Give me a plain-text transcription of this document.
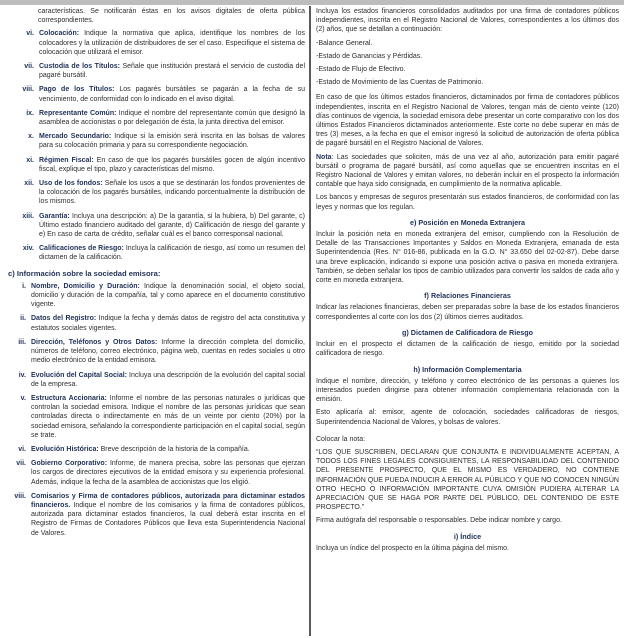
características. Se notificarán éstas en los avisos digitales de oferta pública correspondientes.

vi. Colocación: Indique la normativa que aplica, identifique los nombres de los colocadores y la utilización de distribuidores de ser el caso. Especifique el sistema de colocación que utilizará el emisor.
vii. Custodia de los Títulos: Señale que institución prestará el servicio de custodia del pagaré bursátil.
viii. Pago de los Títulos: Los pagarés bursátiles se pagarán a la fecha de su vencimiento, de conformidad con lo indicado en el aviso digital.
ix. Representante Común: Indique el nombre del representante común que designó la asamblea de accionistas o por delegación de ésta, la junta directiva del emisor.
x. Mercado Secundario: Indique si la emisión será inscrita en las bolsas de valores para su colocación primaria y para su correspondiente negociación.
xi. Régimen Fiscal: En caso de que los pagarés bursátiles gocen de algún incentivo fiscal, explique el tipo, plazo y características del mismo.
xii. Uso de los fondos: Señale los usos a que se destinarán los fondos provenientes de la colocación de los pagarés bursátiles, indicando porcentualmente la distribución de los mismos.
xiii. Garantía: Incluya una descripción: a) De la garantía, si la hubiera, b) Del garante, c) Último estado financiero auditado del garante, d) Calificación de riesgo del garante y e) En caso de carta de crédito, señalar cuál es el banco corresponsal nacional.
xiv. Calificaciones de Riesgo: Incluya la calificación de riesgo, así como un resumen del dictamen de la calificación.
c) Información sobre la sociedad emisora:
i. Nombre, Domicilio y Duración: Indique la denominación social, el objeto social, domicilio y duración de la compañía, tal y como aparece en el documento constitutivo vigente.
ii. Datos del Registro: Indique la fecha y demás datos de registro del acta constitutiva y estatutos sociales vigentes.
iii. Dirección, Teléfonos y Otros Datos: Informe la dirección completa del domicilio, números de teléfono, correo electrónico, página web, cuentas en redes sociales u otro medio electrónico de la entidad emisora.
iv. Evolución del Capital Social: Incluya una descripción de la evolución del capital social de la empresa.
v. Estructura Accionaria: Informe el nombre de las personas naturales o jurídicas que controlan la sociedad emisora. Indique el nombre de las personas jurídicas que sean controladas directa o indirectamente en más de un veinte por ciento (20%) por la sociedad emisora, señalando la correspondiente participación en el capital social, según se trate.
vi. Evolución Histórica: Breve descripción de la historia de la compañía.
vii. Gobierno Corporativo: Informe, de manera precisa, sobre las personas que ejerzan los cargos de directores ejecutivos de la entidad emisora y su experiencia profesional. Además, indique la fecha de la asamblea de accionistas que los eligió.
viii. Comisarios y Firma de contadores públicos, autorizada para dictaminar estados financieros. Indique el nombre de los comisarios y la firma de contadores públicos, autorizada para dictaminar estados financieros, la cual deberá estar inscrita en el Registro de Firmas de Contadores Públicos que lleva esta Superintendencia Nacional de Valores.

Incluya los estados financieros consolidados auditados por una firma de contadores públicos independientes, inscrita en el Registro Nacional de Valores, correspondientes a los últimos dos (2) años, que se detallan a continuación:

-Balance General.
-Estado de Ganancias y Pérdidas.
-Estado de Flujo de Efectivo.
-Estado de Movimiento de las Cuentas de Patrimonio.

En caso de que los últimos estados financieros, dictaminados por firma de contadores públicos independientes, inscrita en el Registro Nacional de Valores, tengan más de ciento veinte (120) días continuos de vigencia, la sociedad emisora debe presentar un corte comparativo con los dos últimos Estados Financieros dictaminados anteriormente. Este corte no debe superar en más de tres (3) meses, a la fecha en que el emisor ingresó la solicitud de autorización de oferta pública de pagaré bursátil en el Registro Nacional de Valores.

Nota: Las sociedades que soliciten, más de una vez al año, autorización para emitir pagaré bursátil o programa de pagaré bursátil, así como aquellas que se encuentren inscritas en el Registro Nacional de Valores y emitan valores, no deberán incluir en el prospecto la información contable que haya sido consignada, en cumplimiento de la normativa aplicable.

Los bancos y empresas de seguros presentarán sus estados financieros, de conformidad con las leyes y normas que los regulan.

e) Posición en Moneda Extranjera

Incluir la posición neta en moneda extranjera del emisor, cumpliendo con la Resolución de Detalle de las Transacciones Importantes y Saldos en Moneda Extranjera, emanada de esta Superintendencia (Res. N° 016-86, publicada en la G.O. N° 33.650 del 02-02-87). Debe darse una breve explicación, indicando si expone una posición activa o pasiva en moneda extranjera. También, se deben señalar los tipos de cambio utilizados para convertir los saldos de cada año y corte en moneda extranjera.

f) Relaciones Financieras

Indicar las relaciones financieras, deben ser preparadas sobre la base de los estados financieros correspondientes al corte con los dos (2) últimos cierres auditados.

g) Dictamen de Calificadora de Riesgo

Incluir en el prospecto el dictamen de la calificación de riesgo, emitido por la sociedad calificadora de riesgo.

h) Información Complementaria

Indique el nombre, dirección, y teléfono y correo electrónico de las personas a quienes los interesados pueden dirigirse para obtener información complementaria relacionada con la emisión.

Esto aplicaría al: emisor, agente de colocación, sociedades calificadoras de riesgos, Superintendencia Nacional de Valores, y bolsas de valores.

Colocar la nota:

“LOS QUE SUSCRIBEN, DECLARAN QUE CONJUNTA E INDIVIDUALMENTE ACEPTAN, A TODOS LOS FINES LEGALES CONSIGUIENTES, LA RESPONSABILIDAD DEL CONTENIDO DEL PRESENTE PROSPECTO, QUE EL MISMO ES VERDADERO, NO CONTIENE INFORMACIÓN QUE PUEDA INDUCIR A ERROR AL PÚBLICO Y QUE NO CONOCEN NINGÚN OTRO HECHO O INFORMACIÓN IMPORTANTE CUYA OMISIÓN PUDIERA ALTERAR LA APRECIACIÓN QUE SE HAGA POR PARTE DEL PÚBLICO, DEL CONTENIDO DE ESTE PROSPECTO.”

Firma autógrafa del responsable o responsables. Debe indicar nombre y cargo.

i) Índice

Incluya un índice del prospecto en la última página del mismo.
